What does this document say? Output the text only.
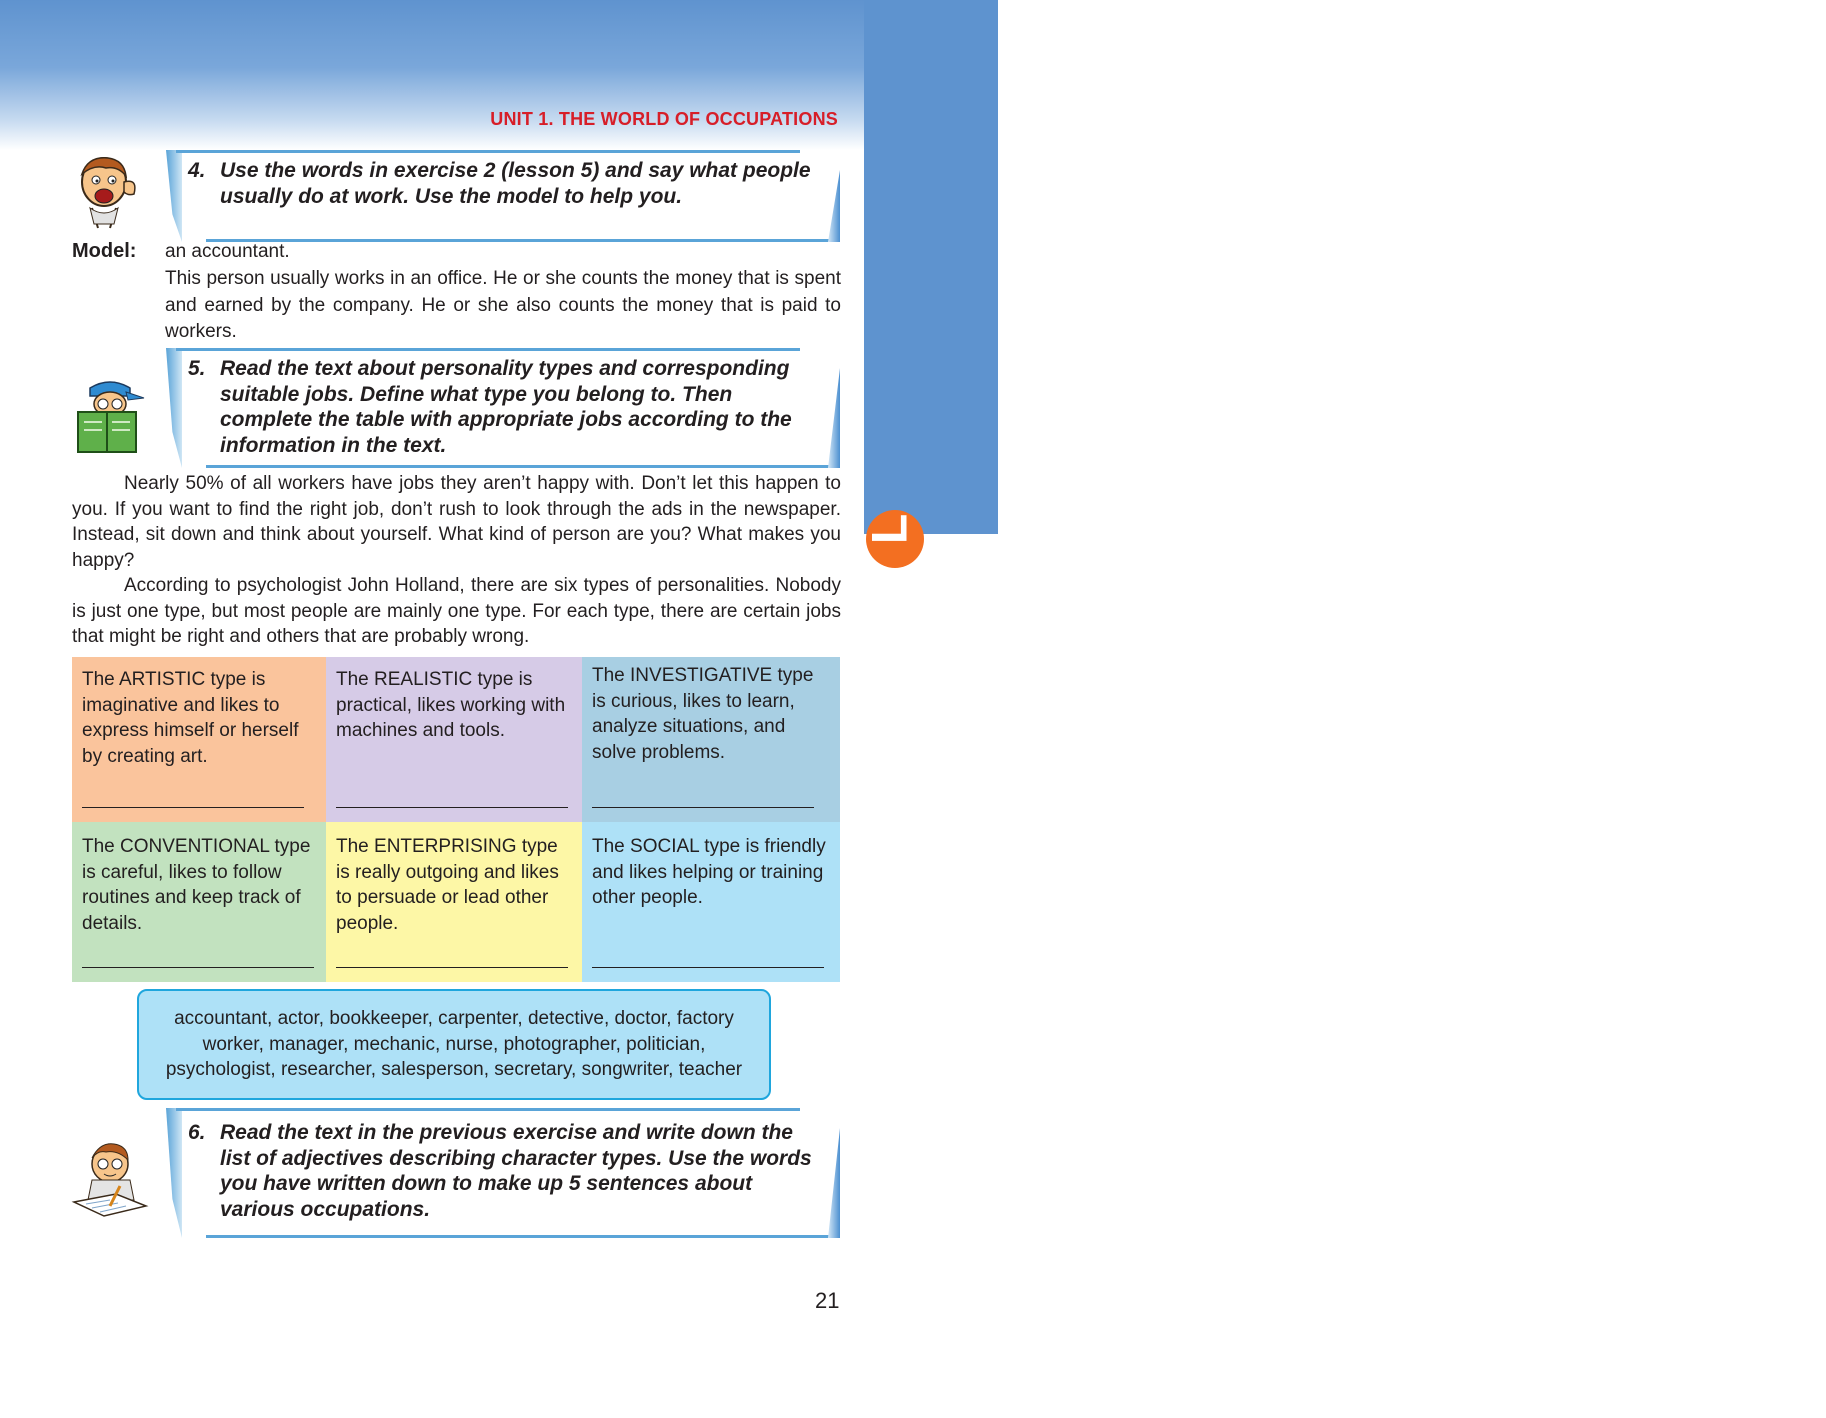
ESSON 7
L
UNIT 1. THE WORLD OF OCCUPATIONS
4. Use the words in exercise 2 (lesson 5) and say what people usually do at work. Use the model to help you.
Model: an accountant.
This person usually works in an office. He or she counts the money that is spent and earned by the company. He or she also counts the money that is paid to workers.
5. Read the text about personality types and corresponding suitable jobs. Define what type you belong to. Then complete the table with appropriate jobs according to the information in the text.
Nearly 50% of all workers have jobs they aren’t happy with. Don’t let this happen to you. If you want to find the right job, don’t rush to look through the ads in the newspaper. Instead, sit down and think about yourself. What kind of person are you? What makes you happy?
According to psychologist John Holland, there are six types of personalities. Nobody is just one type, but most people are mainly one type. For each type, there are certain jobs that might be right and others that are probably wrong.
The ARTISTIC type is imaginative and likes to express himself or herself by creating art.
The REALISTIC type is practical, likes working with machines and tools.
The INVESTIGATIVE type is curious, likes to learn, analyze situations, and solve problems.
The CONVENTIONAL type is careful, likes to follow routines and keep track of details.
The ENTERPRISING type is really outgoing and likes to persuade or lead other people.
The SOCIAL type is friendly and likes helping or training other people.
accountant, actor, bookkeeper, carpenter, detective, doctor, factory worker, manager, mechanic, nurse, photographer, politician, psychologist, researcher, salesperson, secretary, songwriter, teacher
6. Read the text in the previous exercise and write down the list of adjectives describing character types. Use the words you have written down to make up 5 sentences about various occupations.
21
